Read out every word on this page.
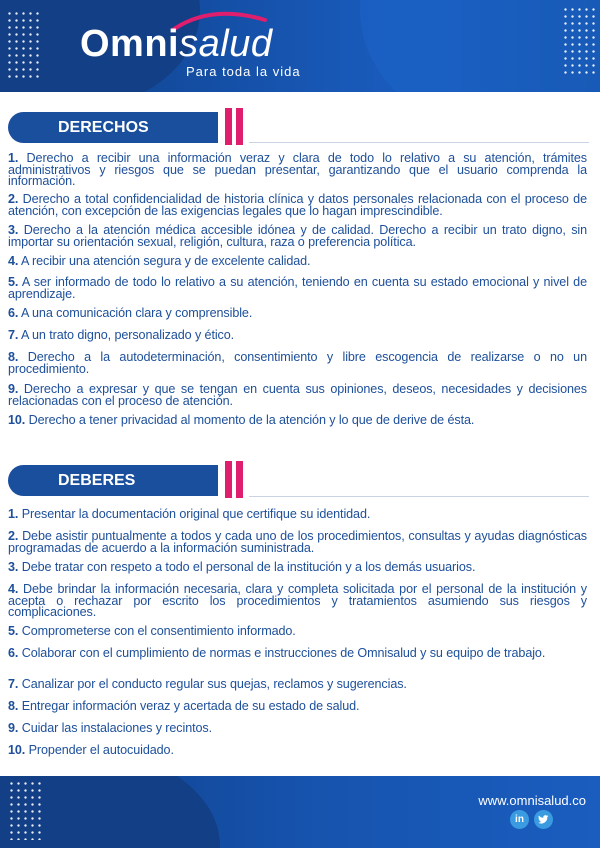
Omnisalud
Para toda la vida
DERECHOS
1. Derecho a recibir una información veraz y clara de todo lo relativo a su atención, trámites administrativos y riesgos que se puedan presentar, garantizando que el usuario comprenda la información.
2. Derecho a total confidencialidad de historia clínica y datos personales relacionada con el proceso de atención, con excepción de las exigencias legales que lo hagan imprescindible.
3. Derecho a la atención médica accesible idónea y de calidad. Derecho a recibir un trato digno, sin importar su orientación sexual, religión, cultura, raza o preferencia política.
4. A recibir una atención segura y de excelente calidad.
5. A ser informado de todo lo relativo a su atención, teniendo en cuenta su estado emocional y nivel de aprendizaje.
6. A una comunicación clara y comprensible.
7. A un trato digno, personalizado y ético.
8. Derecho a la autodeterminación, consentimiento y libre escogencia de realizarse o no un procedimiento.
9. Derecho a expresar y que se tengan en cuenta sus opiniones, deseos, necesidades y decisiones relacionadas con el proceso de atención.
10. Derecho a tener privacidad al momento de la atención y lo que de derive de ésta.
DEBERES
1. Presentar la documentación original que certifique su identidad.
2. Debe asistir puntualmente a todos y cada uno de los procedimientos, consultas y ayudas diagnósticas programadas de acuerdo a la información suministrada.
3. Debe tratar con respeto a todo el personal de la institución y a los demás usuarios.
4. Debe brindar la información necesaria, clara y completa solicitada por el personal de la institución y acepta o rechazar por escrito los procedimientos y tratamientos asumiendo sus riesgos y complicaciones.
5. Comprometerse con el consentimiento informado.
6. Colaborar con el cumplimiento de normas e instrucciones de Omnisalud y su equipo de trabajo.
7. Canalizar por el conducto regular sus quejas, reclamos y sugerencias.
8. Entregar información veraz y acertada de su estado de salud.
9. Cuidar las instalaciones y recintos.
10. Propender el autocuidado.
www.omnisalud.co
in
